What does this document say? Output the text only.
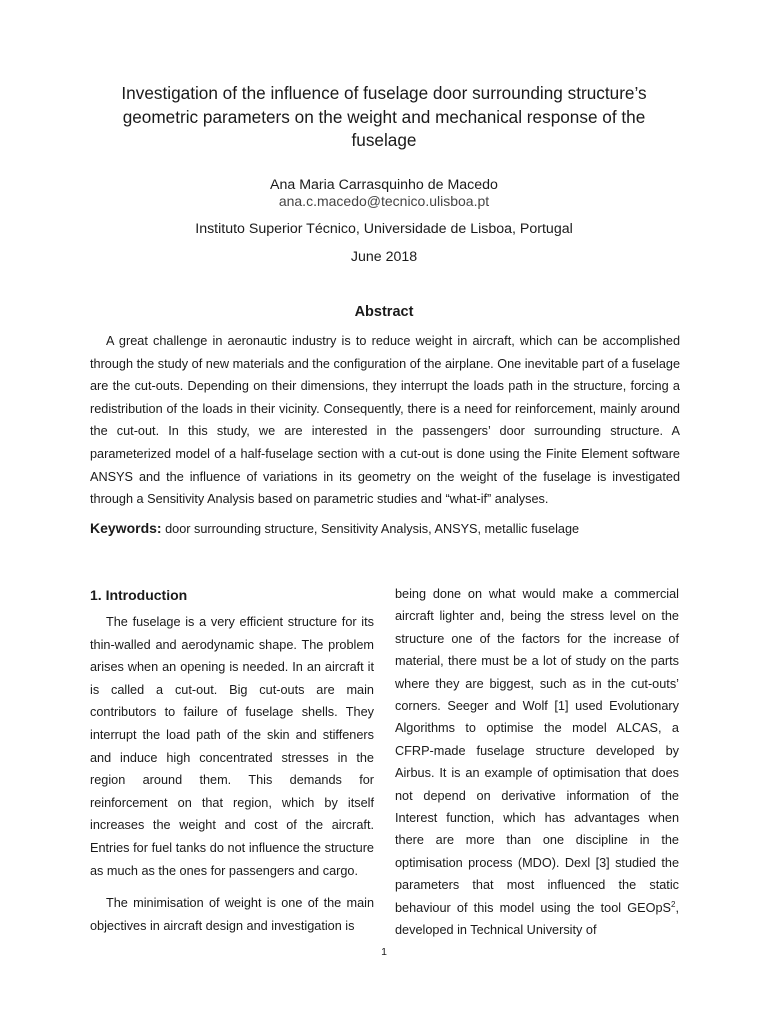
Investigation of the influence of fuselage door surrounding structure’s geometric parameters on the weight and mechanical response of the fuselage
Ana Maria Carrasquinho de Macedo
ana.c.macedo@tecnico.ulisboa.pt
Instituto Superior Técnico, Universidade de Lisboa, Portugal
June 2018
Abstract

A great challenge in aeronautic industry is to reduce weight in aircraft, which can be accomplished through the study of new materials and the configuration of the airplane. One inevitable part of a fuselage are the cut-outs. Depending on their dimensions, they interrupt the loads path in the structure, forcing a redistribution of the loads in their vicinity. Consequently, there is a need for reinforcement, mainly around the cut-out. In this study, we are interested in the passengers’ door surrounding structure. A parameterized model of a half-fuselage section with a cut-out is done using the Finite Element software ANSYS and the influence of variations in its geometry on the weight of the fuselage is investigated through a Sensitivity Analysis based on parametric studies and “what-if” analyses.

Keywords: door surrounding structure, Sensitivity Analysis, ANSYS, metallic fuselage
1. Introduction

The fuselage is a very efficient structure for its thin-walled and aerodynamic shape. The problem arises when an opening is needed. In an aircraft it is called a cut-out. Big cut-outs are main contributors to failure of fuselage shells. They interrupt the load path of the skin and stiffeners and induce high concentrated stresses in the region around them. This demands for reinforcement on that region, which by itself increases the weight and cost of the aircraft. Entries for fuel tanks do not influence the structure as much as the ones for passengers and cargo.

The minimisation of weight is one of the main objectives in aircraft design and investigation is

being done on what would make a commercial aircraft lighter and, being the stress level on the structure one of the factors for the increase of material, there must be a lot of study on the parts where they are biggest, such as in the cut-outs’ corners. Seeger and Wolf [1] used Evolutionary Algorithms to optimise the model ALCAS, a CFRP-made fuselage structure developed by Airbus. It is an example of optimisation that does not depend on derivative information of the Interest function, which has advantages when there are more than one discipline in the optimisation process (MDO). Dexl [3] studied the parameters that most influenced the static behaviour of this model using the tool GEOpS$^2$, developed in Technical University of

1
